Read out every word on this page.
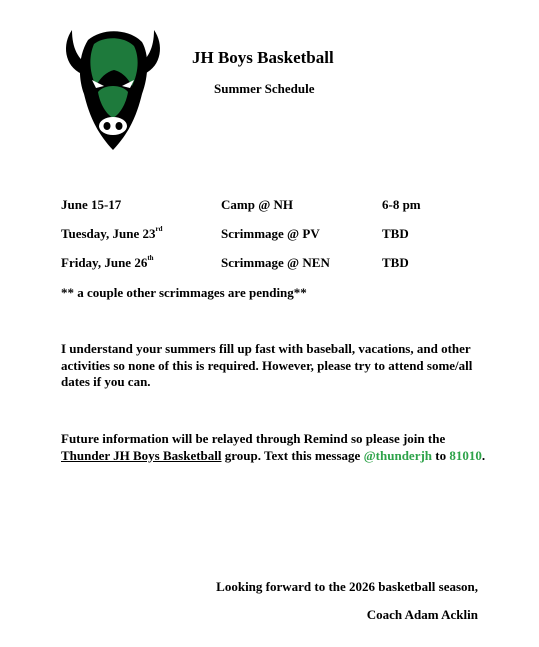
JH Boys Basketball
Summer Schedule
June 15-17	Camp @ NH	6-8 pm
Tuesday, June 23rd	Scrimmage @ PV	TBD
Friday, June 26th	Scrimmage @ NEN	TBD
** a couple other scrimmages are pending**
I understand your summers fill up fast with baseball, vacations, and other activities so none of this is required. However, please try to attend some/all dates if you can.
Future information will be relayed through Remind so please join the Thunder JH Boys Basketball group. Text this message @thunderjh to 81010.
Looking forward to the 2026 basketball season,
Coach Adam Acklin
